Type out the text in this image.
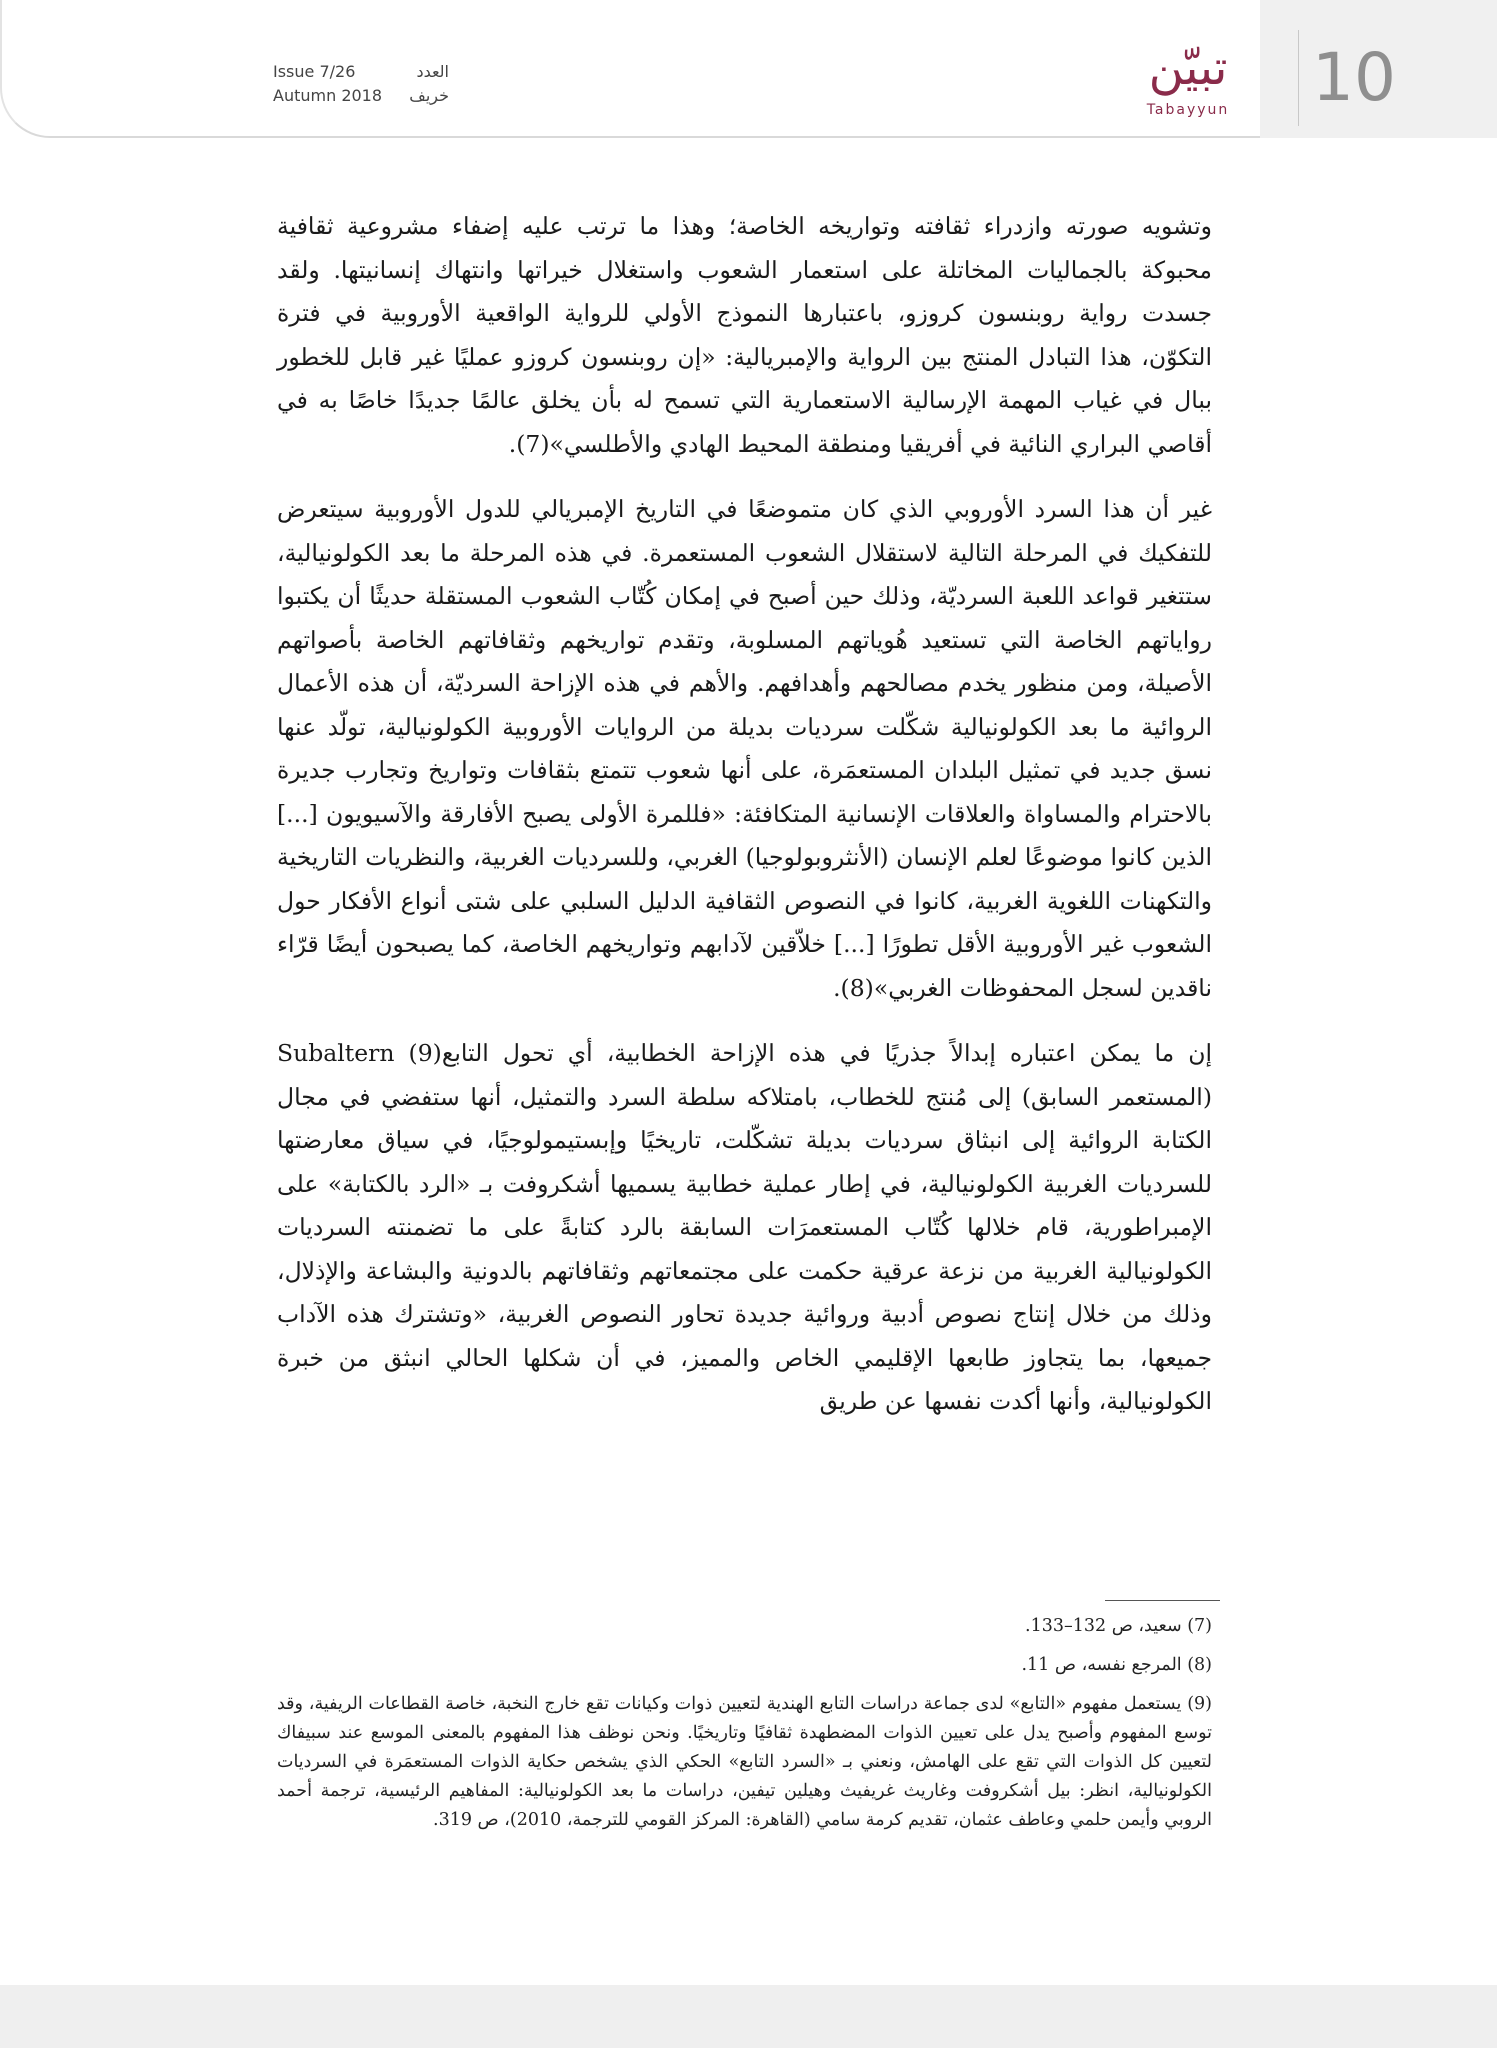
Issue 7/26	العدد
Autumn 2018 خريف	تبيّن
Tabayyun	10

وتشويه صورته وازدراء ثقافته وتواريخه الخاصة؛ وهذا ما ترتب عليه إضفاء مشروعية ثقافية محبوكة بالجماليات المخاتلة على استعمار الشعوب واستغلال خيراتها وانتهاك إنسانيتها. ولقد جسدت رواية روبنسون كروزو، باعتبارها النموذج الأولي للرواية الواقعية الأوروبية في فترة التكوّن، هذا التبادل المنتج بين الرواية والإمبريالية: «إن روبنسون كروزو عمليًا غير قابل للخطور ببال في غياب المهمة الإرسالية الاستعمارية التي تسمح له بأن يخلق عالمًا جديدًا خاصًا به في أقاصي البراري النائية في أفريقيا ومنطقة المحيط الهادي والأطلسي»(7).

غير أن هذا السرد الأوروبي الذي كان متموضعًا في التاريخ الإمبريالي للدول الأوروبية سيتعرض للتفكيك في المرحلة التالية لاستقلال الشعوب المستعمرة. في هذه المرحلة ما بعد الكولونيالية، ستتغير قواعد اللعبة السرديّة، وذلك حين أصبح في إمكان كُتّاب الشعوب المستقلة حديثًا أن يكتبوا رواياتهم الخاصة التي تستعيد هُوياتهم المسلوبة، وتقدم تواريخهم وثقافاتهم الخاصة بأصواتهم الأصيلة، ومن منظور يخدم مصالحهم وأهدافهم. والأهم في هذه الإزاحة السرديّة، أن هذه الأعمال الروائية ما بعد الكولونيالية شكّلت سرديات بديلة من الروايات الأوروبية الكولونيالية، تولّد عنها نسق جديد في تمثيل البلدان المستعمَرة، على أنها شعوب تتمتع بثقافات وتواريخ وتجارب جديرة بالاحترام والمساواة والعلاقات الإنسانية المتكافئة: «فللمرة الأولى يصبح الأفارقة والآسيويون [...] الذين كانوا موضوعًا لعلم الإنسان (الأنثروبولوجيا) الغربي، وللسرديات الغربية، والنظريات التاريخية والتكهنات اللغوية الغربية، كانوا في النصوص الثقافية الدليل السلبي على شتى أنواع الأفكار حول الشعوب غير الأوروبية الأقل تطورًا [...] خلاّقين لآدابهم وتواريخهم الخاصة، كما يصبحون أيضًا قرّاء ناقدين لسجل المحفوظات الغربي»(8).

إن ما يمكن اعتباره إبدالاً جذريًا في هذه الإزاحة الخطابية، أي تحول التابع(9) Subaltern (المستعمر السابق) إلى مُنتج للخطاب، بامتلاكه سلطة السرد والتمثيل، أنها ستفضي في مجال الكتابة الروائية إلى انبثاق سرديات بديلة تشكّلت، تاريخيًا وإبستيمولوجيًا، في سياق معارضتها للسرديات الغربية الكولونيالية، في إطار عملية خطابية يسميها أشكروفت بـ «الرد بالكتابة» على الإمبراطورية، قام خلالها كُتّاب المستعمرَات السابقة بالرد كتابةً على ما تضمنته السرديات الكولونيالية الغربية من نزعة عرقية حكمت على مجتمعاتهم وثقافاتهم بالدونية والبشاعة والإذلال، وذلك من خلال إنتاج نصوص أدبية وروائية جديدة تحاور النصوص الغربية، «وتشترك هذه الآداب جميعها، بما يتجاوز طابعها الإقليمي الخاص والمميز، في أن شكلها الحالي انبثق من خبرة الكولونيالية، وأنها أكدت نفسها عن طريق

(7) سعيد، ص 132–133.

(8) المرجع نفسه، ص 11.

(9) يستعمل مفهوم «التابع» لدى جماعة دراسات التابع الهندية لتعيين ذوات وكيانات تقع خارج النخبة، خاصة القطاعات الريفية، وقد توسع المفهوم وأصبح يدل على تعيين الذوات المضطهدة ثقافيًا وتاريخيًا. ونحن نوظف هذا المفهوم بالمعنى الموسع عند سبيفاك لتعيين كل الذوات التي تقع على الهامش، ونعني بـ «السرد التابع» الحكي الذي يشخص حكاية الذوات المستعمَرة في السرديات الكولونيالية، انظر: بيل أشكروفت وغاريث غريفيث وهيلين تيفين، دراسات ما بعد الكولونيالية: المفاهيم الرئيسية، ترجمة أحمد الروبي وأيمن حلمي وعاطف عثمان، تقديم كرمة سامي (القاهرة: المركز القومي للترجمة، 2010)، ص 319.
